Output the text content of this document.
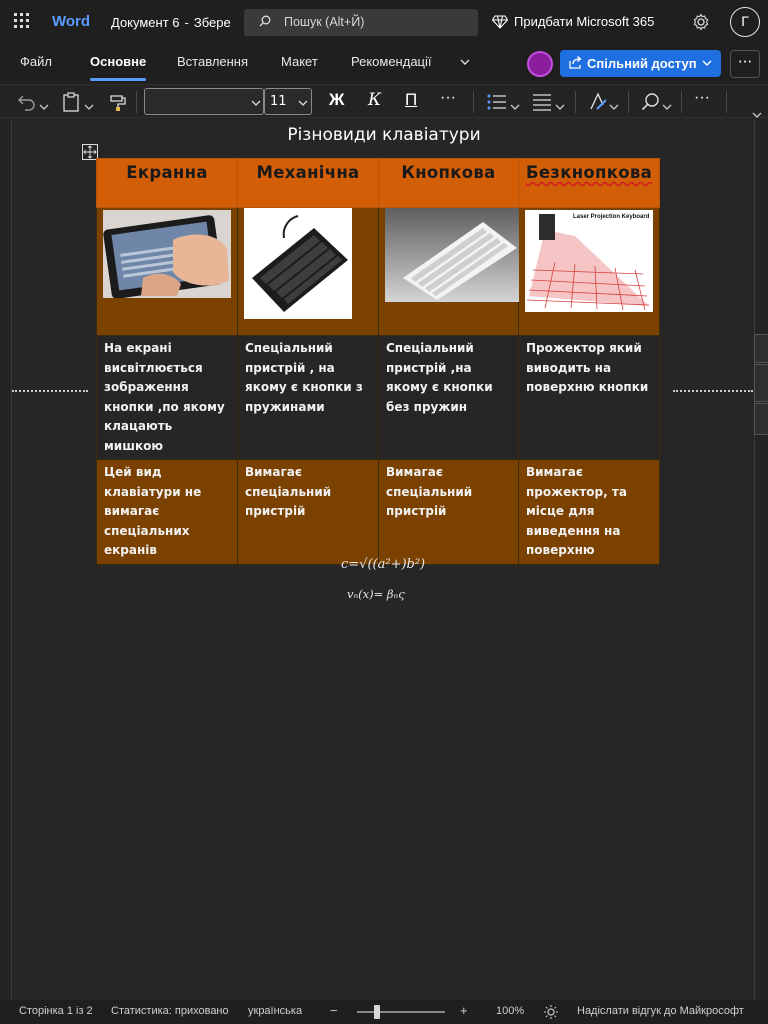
Word Документ 6 - Збере	Пошук (Alt+Й)	Придбати Microsoft 365	Г
Файл	Основне Вставлення	Макет	Рекомендації	Спільний доступ	···
11 Ж К П ···	···
Різновиди клавіатури
Екранна	Механічна	Кнопкова	Безкнопкова

Laser Projection Keyboard

На екрані висвітлюється зображення кнопки ,по якому клацають мишкою	Спеціальний пристрій , на якому є кнопки з пружинами	Спеціальний пристрій ,на якому є кнопки без пружин	Прожектор який виводить на поверхню кнопки
Цей вид клавіатури не вимагає спеціальних екранів	Вимагає спеціальний пристрій	Вимагає спеціальний пристрій	Вимагає прожектор, та місце для виведення на поверхню
c=√((a²+)b²)
vₙ(x)= βₙς
Сторінка 1 із 2 Статистика: приховано українська −	+	100%	Надіслати відгук до Майкрософт
